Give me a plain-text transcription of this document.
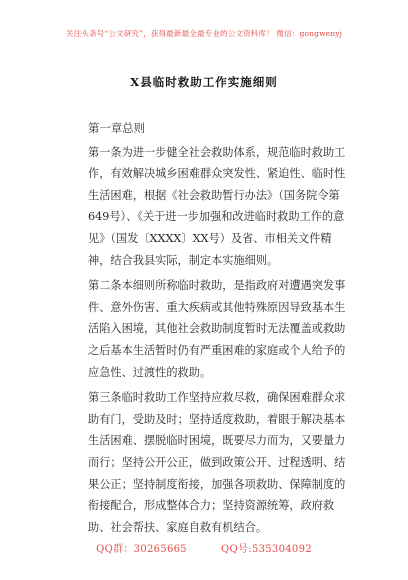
关注头条号“公文研究”，获得最新最全最专业的公文资料库！ 微信：gongwenyj
X县临时救助工作实施细则

第一章总则

第一条为进一步健全社会救助体系，规范临时救助工作，有效解决城乡困难群众突发性、紧迫性、临时性生活困难，根据《社会救助暂行办法》（国务院令第649号）、《关于进一步加强和改进临时救助工作的意见》（国发〔XXXX〕XX号）及省、市相关文件精神，结合我县实际，制定本实施细则。

第二条本细则所称临时救助，是指政府对遭遇突发事件、意外伤害、重大疾病或其他特殊原因导致基本生活陷入困境，其他社会救助制度暂时无法覆盖或救助之后基本生活暂时仍有严重困难的家庭或个人给予的应急性、过渡性的救助。

第三条临时救助工作坚持应救尽救，确保困难群众求助有门，受助及时；坚持适度救助，着眼于解决基本生活困难、摆脱临时困境，既要尽力而为，又要量力而行；坚持公开公正，做到政策公开、过程透明、结果公正；坚持制度衔接，加强各项救助、保障制度的衔接配合，形成整体合力；坚持资源统筹，政府救助、社会帮扶、家庭自救有机结合。

QQ群：30265665	QQ号:535304092
